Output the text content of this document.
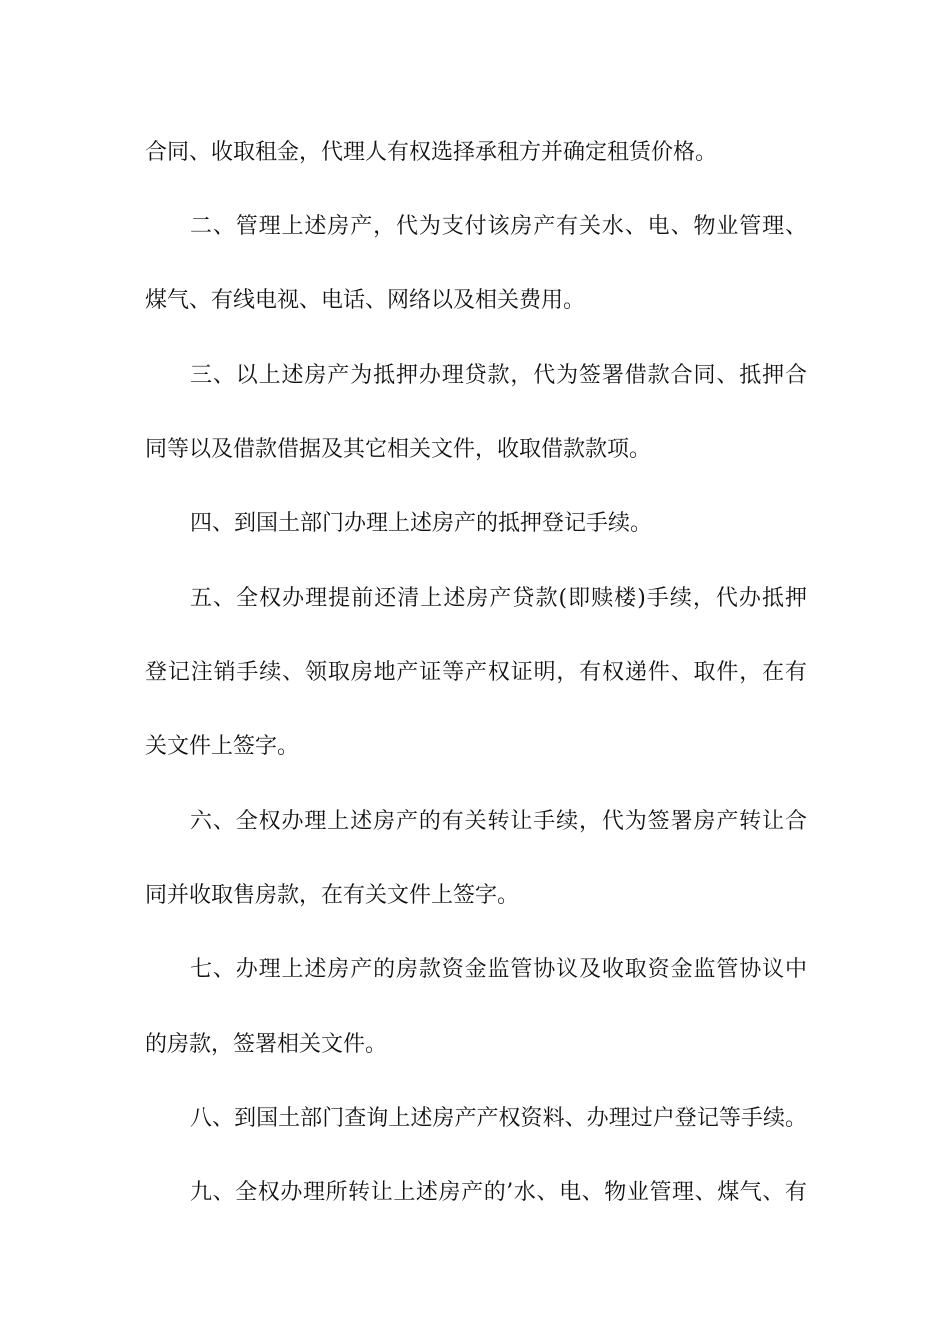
合同、收取租金，代理人有权选择承租方并确定租赁价格。
二、管理上述房产，代为支付该房产有关水、电、物业管理、
煤气、有线电视、电话、网络以及相关费用。
三、以上述房产为抵押办理贷款，代为签署借款合同、抵押合
同等以及借款借据及其它相关文件，收取借款款项。
四、到国土部门办理上述房产的抵押登记手续。
五、全权办理提前还清上述房产贷款(即赎楼)手续，代办抵押
登记注销手续、领取房地产证等产权证明，有权递件、取件，在有
关文件上签字。
六、全权办理上述房产的有关转让手续，代为签署房产转让合
同并收取售房款，在有关文件上签字。
七、办理上述房产的房款资金监管协议及收取资金监管协议中
的房款，签署相关文件。
八、到国土部门查询上述房产产权资料、办理过户登记等手续。
九、全权办理所转让上述房产的’水、电、物业管理、煤气、有
